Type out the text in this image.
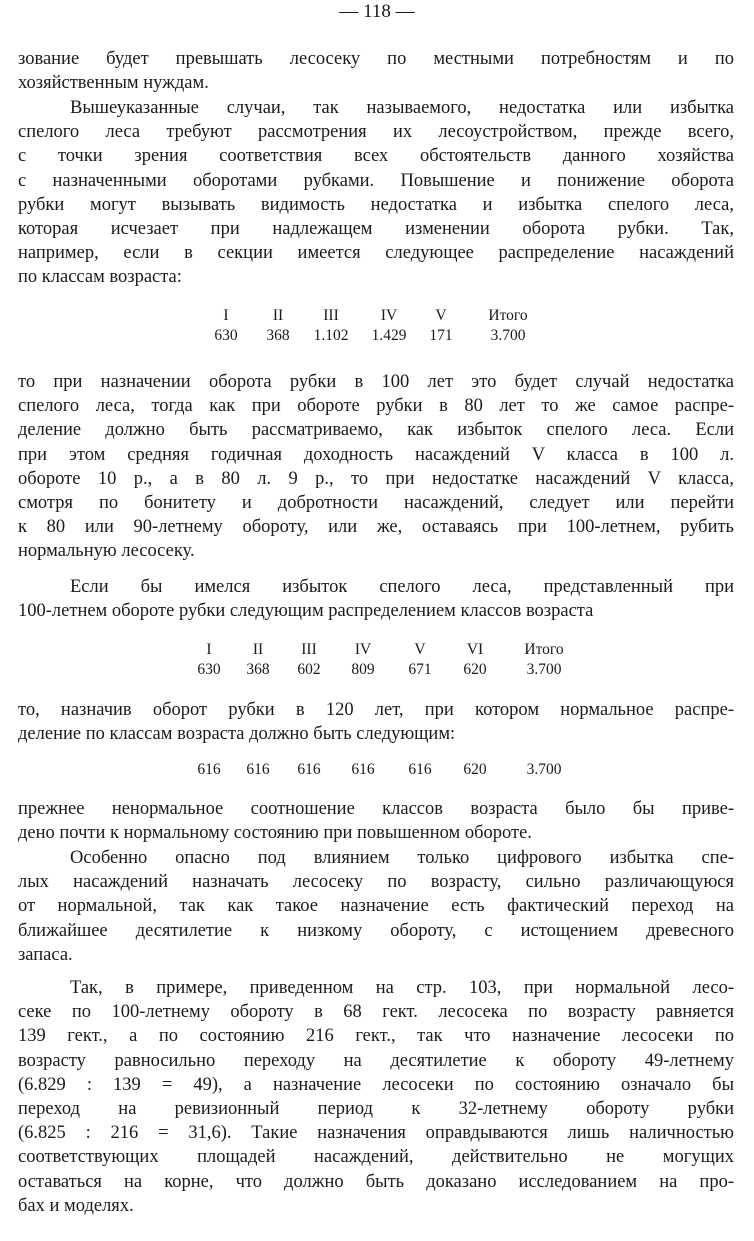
— 118 —
зование будет превышать лесосеку по местными потребностям и по
хозяйственным нуждам.
Вышеуказанные случаи, так называемого, недостатка или избытка
спелого леса требуют рассмотрения их лесоустройством, прежде всего,
с точки зрения соответствия всех обстоятельств данного хозяйства
с назначенными оборотами рубками. Повышение и понижение оборота
рубки могут вызывать видимость недостатка и избытка спелого леса,
которая исчезает при надлежащем изменении оборота рубки. Так,
например, если в секции имеется следующее распределение насаждений
по классам возраста:
I	II	III	IV	V	Итого
630	368	1.102	1.429	171	3.700
то при назначении оборота рубки в 100 лет это будет случай недостатка
спелого леса, тогда как при обороте рубки в 80 лет то же самое распре-
деление должно быть рассматриваемо, как избыток спелого леса. Если
при этом средняя годичная доходность насаждений V класса в 100 л.
обороте 10 р., а в 80 л. 9 р., то при недостатке насаждений V класса,
смотря по бонитету и добротности насаждений, следует или перейти
к 80 или 90-летнему обороту, или же, оставаясь при 100-летнем, рубить
нормальную лесосеку.
Если бы имелся избыток спелого леса, представленный при
100-летнем обороте рубки следующим распределением классов возраста
I	II	III	IV	V	VI	Итого
630	368	602	809	671	620	3.700
то, назначив оборот рубки в 120 лет, при котором нормальное распре-
деление по классам возраста должно быть следующим:
616	616	616	616	616	620	3.700
прежнее ненормальное соотношение классов возраста было бы приве-
дено почти к нормальному состоянию при повышенном обороте.
Особенно опасно под влиянием только цифрового избытка спе-
лых насаждений назначать лесосеку по возрасту, сильно различающуюся
от нормальной, так как такое назначение есть фактический переход на
ближайшее десятилетие к низкому обороту, с истощением древесного
запаса.
Так, в примере, приведенном на стр. 103, при нормальной лесо-
секе по 100-летнему обороту в 68 гект. лесосека по возрасту равняется
139 гект., а по состоянию 216 гект., так что назначение лесосеки по
возрасту равносильно переходу на десятилетие к обороту 49-летнему
(6.829 : 139 = 49), а назначение лесосеки по состоянию означало бы
переход на ревизионный период к 32-летнему обороту рубки
(6.825 : 216 = 31,6). Такие назначения оправдываются лишь наличностью
соответствующих площадей насаждений, действительно не могущих
оставаться на корне, что должно быть доказано исследованием на про-
бах и моделях.
